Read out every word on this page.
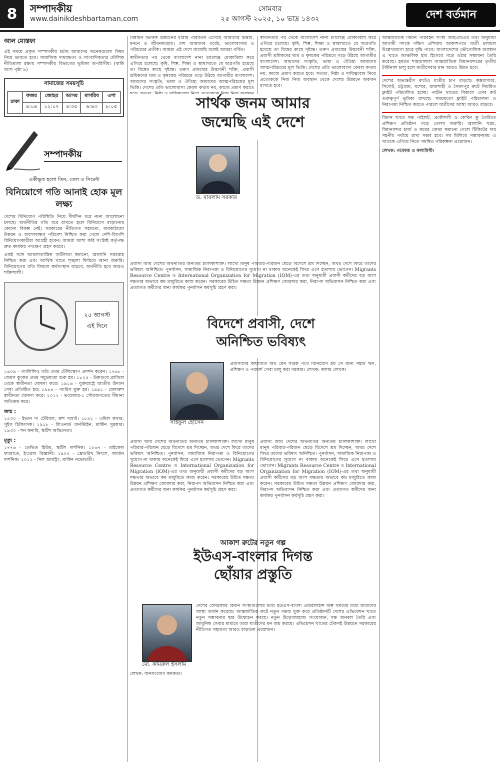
8	সম্পাদকীয়
www.dainikdeshbartaman.com
সোমবার
২৫ আগস্ট ২০২৫, ১০ ভাদ্র ১৪৩২	দেশ বর্তমান
আল মোস্তফা
এই সময়ে প্রকৃত সম্পাদকীয় চর্চায় আমাদের অনেকগুলো বিষয় নিয়ে ভাবতে হবে। সামাজিক দায়বদ্ধতা ও সাংবাদিকতার মৌলিক নীতিমালা রক্ষায় সম্পাদকীয় বিভাগের ভূমিকা অপরিসীম। (বাকি অংশ পৃষ্ঠা ৯)
নামাজের সময়সূচি
ঢাকা	ফজর	জোহর	আসর	মাগরিব	এশা
	৪:০৪	১২:০৭	৪:৩৫	৬:৪৩	৮:০৫
সম্পাদকীয়
একীভূত হলো তিন, তেল ও সিমেন্ট
বিনিয়োগে গতি আনাই হোক মূল লক্ষ্য
দেশের বিনিয়োগ পরিস্থিতি নিয়ে দীর্ঘদিন ধরে নানা আলোচনা চলছে। অর্থনীতির গতি ধরে রাখতে হলে বিনিয়োগ বাড়ানোর কোনো বিকল্প নেই। সরকারের নীতিগত সহায়তা, অবকাঠামো উন্নয়ন ও ব্যবসাবান্ধব পরিবেশ নিশ্চিত করা গেলে দেশি-বিদেশি বিনিয়োগকারীরা আগ্রহী হবেন। আমরা আশা করি সংশ্লিষ্ট কর্তৃপক্ষ দ্রুত কার্যকর পদক্ষেপ গ্রহণ করবে।
একই সঙ্গে আমলাতান্ত্রিক জটিলতা কমানো, জ্বালানি সরবরাহ নিশ্চিত করা এবং আর্থিক খাতে শৃঙ্খলা ফিরিয়ে আনা জরুরি। বিনিয়োগের গতি ফিরলে কর্মসংস্থান বাড়বে, অর্থনীতি হবে আরও শক্তিশালী।
২৫ আগস্ট
এই দিনে
১৬০৯ - গ্যালিলিও তাঁর প্রথম টেলিস্কোপ প্রদর্শন করেন। ১৭৬৮ - জেমস কুকের প্রথম সমুদ্রযাত্রা শুরু হয়। ১৮২৫ - উরুগুয়ে ব্রাজিল থেকে স্বাধীনতা ঘোষণা করে। ১৯১৬ - যুক্তরাষ্ট্রে জাতীয় উদ্যান সেবা প্রতিষ্ঠিত হয়। ১৯৪৪ - প্যারিস মুক্ত হয়। ১৯৯১ - বেলারুশ স্বাধীনতা ঘোষণা করে। ২০১২ - ভয়েজার-১ সৌরজগতের সীমানা অতিক্রম করে।
জন্ম :
১৫৩০ - ইভান দ্য টেরিবল, রুশ সম্রাট। ১৮৪১ - এমিল কখার, সুইস চিকিৎসক। ১৯১৮ - লিওনার্ড বার্নস্টাইন, মার্কিন সুরকার। ১৯৩০ - শন কনারি, স্কটিশ অভিনেতা।
মৃত্যু :
১৭৭৬ - ডেভিড হিউম, স্কটিশ দার্শনিক। ১৮৬৭ - মাইকেল ফ্যারাডে, ইংরেজ বিজ্ঞানী। ১৯০০ - ফ্রেডরিখ নিৎশে, জার্মান দার্শনিক। ২০১২ - নিল আর্মস্ট্রং, মার্কিন নভোচারী।
বিশ্বায়ন ভিত্তিক উন্নয়নের ধারায় পরিবর্তন এসেছে আমাদের চিন্তায়, মননে ও জীবনযাত্রায়। দেশ আমাদের গর্বের, ভালোবাসার ও পরিচয়ের প্রতীক। আমরা এই দেশে জন্মেছি বলেই আমরা গর্বিত।
স্বাধীনতার পর থেকে বাংলাদেশ নানা চ্যালেঞ্জ মোকাবিলা করে এগিয়ে চলেছে। কৃষি, শিল্প, শিক্ষা ও স্বাস্থ্যখাতে যে অগ্রগতি হয়েছে তা বিশ্বের কাছে দৃষ্টান্ত। তরুণ প্রজন্মের উদ্ভাবনী শক্তি, প্রবাসী শ্রমিকদের ঘাম ও কৃষকের পরিশ্রমে গড়ে উঠছে আগামীর বাংলাদেশ। আমাদের সংস্কৃতি, ভাষা ও ঐতিহ্য আমাদের আত্মপরিচয়ের মূল ভিত্তি। দেশের প্রতি ভালোবাসা কেবল কথায় নয়, কাজে প্রমাণ করতে
সার্থক জনম আমার
জন্মেছি এই দেশে
ড. বাবলাম সরকার
স্বাধীনতার পর থেকে বাংলাদেশ নানা চ্যালেঞ্জ মোকাবিলা করে এগিয়ে চলেছে। কৃষি, শিল্প, শিক্ষা ও স্বাস্থ্যখাতে যে অগ্রগতি হয়েছে তা বিশ্বের কাছে দৃষ্টান্ত। তরুণ প্রজন্মের উদ্ভাবনী শক্তি, প্রবাসী শ্রমিকদের ঘাম ও কৃষকের পরিশ্রমে গড়ে উঠছে আগামীর বাংলাদেশ। আমাদের সংস্কৃতি, ভাষা ও ঐতিহ্য আমাদের আত্মপরিচয়ের মূল ভিত্তি। দেশের প্রতি ভালোবাসা কেবল কথায় নয়, কাজে প্রমাণ করতে হবে। সততা, নিষ্ঠা ও দায়িত্ববোধ নিয়ে প্রত্যেককে নিজ নিজ অবস্থান থেকে দেশের উন্নয়নে অবদান রাখতে হবে।
প্রবাসী আয় দেশের অর্থনীতির অন্যতম চালিকাশক্তি। লাখো মানুষ পরিবার-পরিজন ছেড়ে বিদেশে শ্রম দিচ্ছেন, অথচ দেশে ফিরে তাদের ভবিষ্যৎ অনিশ্চিত। পুনর্বাসন, সামাজিক নিরাপত্তা ও বিনিয়োগের সুযোগ না থাকায় অনেকেই ফিরে এসে হতাশায় ভোগেন। Migrants Resource Centre ও International Organization for Migration (IOM)-এর তথ্য অনুযায়ী প্রবাসী কর্মীদের বড় অংশ দক্ষতার অভাবে কম মজুরিতে কাজ করেন। সরকারের উচিত দক্ষতা উন্নয়ন প্রশিক্ষণ জোরদার করা, নিরাপদ অভিবাসন নিশ্চিত করা এবং প্রত্যাগত কর্মীদের জন্য কার্যকর পুনর্বাসন কর্মসূচি গ্রহণ করা।
বিদেশে প্রবাসী, দেশে
অনিশ্চিত ভবিষ্যৎ
সাইফুল হোসেন
প্রবাসীদের কষ্টার্জিত অর্থ যেন সঠিক পথে বিনিয়োগ হয় সে জন্য সহজ ঋণ, প্রশিক্ষণ ও পরামর্শ সেবা চালু করা দরকার। লেখক: কলাম লেখক।
প্রবাসী আয় দেশের অর্থনীতির অন্যতম চালিকাশক্তি। লাখো মানুষ পরিবার-পরিজন ছেড়ে বিদেশে শ্রম দিচ্ছেন, অথচ দেশে ফিরে তাদের ভবিষ্যৎ অনিশ্চিত। পুনর্বাসন, সামাজিক নিরাপত্তা ও বিনিয়োগের সুযোগ না থাকায় অনেকেই ফিরে এসে হতাশায় ভোগেন। Migrants Resource Centre ও International Organization for Migration (IOM)-এর তথ্য অনুযায়ী প্রবাসী কর্মীদের বড় অংশ দক্ষতার অভাবে কম মজুরিতে কাজ করেন। সরকারের উচিত দক্ষতা উন্নয়ন প্রশিক্ষণ জোরদার করা, নিরাপদ অভিবাসন নিশ্চিত করা এবং প্রত্যাগত কর্মীদের জন্য কার্যকর পুনর্বাসন কর্মসূচি গ্রহণ করা।
প্রবাসী আয় দেশের অর্থনীতির অন্যতম চালিকাশক্তি। লাখো মানুষ পরিবার-পরিজন ছেড়ে বিদেশে শ্রম দিচ্ছেন, অথচ দেশে ফিরে তাদের ভবিষ্যৎ অনিশ্চিত। পুনর্বাসন, সামাজিক নিরাপত্তা ও বিনিয়োগের সুযোগ না থাকায় অনেকেই ফিরে এসে হতাশায় ভোগেন। Migrants Resource Centre ও International Organization for Migration (IOM)-এর তথ্য অনুযায়ী প্রবাসী কর্মীদের বড় অংশ দক্ষতার অভাবে কম মজুরিতে কাজ করেন। সরকারের উচিত দক্ষতা উন্নয়ন প্রশিক্ষণ জোরদার করা, নিরাপদ অভিবাসন নিশ্চিত করা এবং প্রত্যাগত কর্মীদের জন্য কার্যকর পুনর্বাসন কর্মসূচি গ্রহণ করা।
আকাশ রুটের নতুন গল্প
ইউএস-বাংলার দিগন্ত
ছোঁয়ার প্রস্তুতি
মো. কামরুল ইসলাম
দেশের বেসরকারি বিমান সংস্থাগুলোর মধ্যে ইউএস-বাংলা এয়ারলাইন্স অল্প সময়ের মধ্যে যাত্রীদের আস্থা অর্জন করেছে। আন্তর্জাতিক রুটে নতুন গন্তব্য যুক্ত করে প্রতিষ্ঠানটি দেশের এভিয়েশন খাতে নতুন সম্ভাবনার দ্বার উন্মোচন করছে। নতুন উড়োজাহাজ সংযোজন, দক্ষ জনবল তৈরি এবং আধুনিক সেবার মাধ্যমে তারা যাত্রীদের মন জয় করছে। এভিয়েশন খাতের টেকসই উন্নয়নে সরকারের নীতিগত সহায়তা আরও বাড়ানো প্রয়োজন।
লেখক: জনসংযোগ কর্মকর্তা।
আন্তর্জাতিক বিমান পরিবহন সংস্থা আইএটিএর তথ্য অনুযায়ী আগামী দশকে দক্ষিণ এশিয়ায় আকাশপথে যাত্রী চলাচল উল্লেখযোগ্য হারে বৃদ্ধি পাবে। বাংলাদেশের ভৌগোলিক অবস্থান এ খাতে আঞ্চলিক হাব হিসেবে গড়ে ওঠার সম্ভাবনা তৈরি করেছে। হযরত শাহজালাল আন্তর্জাতিক বিমানবন্দরের তৃতীয় টার্মিনাল চালু হলে যাত্রীসেবার মান আরও উন্নত হবে।
দেশের অভ্যন্তরীণ রুটেও যাত্রীর চাপ বাড়ছে। কক্সবাজার, সিলেট, চট্টগ্রাম, যশোর, রাজশাহী ও সৈয়দপুর রুটে নিয়মিত ফ্লাইট পরিচালিত হচ্ছে। পর্যটন খাতের বিকাশে এসব রুট গুরুত্বপূর্ণ ভূমিকা রাখছে। সময়মতো ফ্লাইট পরিচালনা ও নিরাপত্তা নিশ্চিত করতে পারলে যাত্রীদের আস্থা আরও বাড়বে।
বিমান খাতে দক্ষ পাইলট, প্রকৌশলী ও কেবিন ক্রু তৈরিতে প্রশিক্ষণ প্রতিষ্ঠান গড়ে তোলা জরুরি। জ্বালানি খরচ, বিমানবন্দর চার্জ ও করের বোঝা কমানো গেলে টিকিটের দাম সহনীয় পর্যায়ে রাখা সম্ভব হবে। সব মিলিয়ে সম্ভাবনাময় এ খাতকে এগিয়ে নিতে সমন্বিত পরিকল্পনা প্রয়োজন।
লেখক: গবেষক ও কলামিস্ট।
